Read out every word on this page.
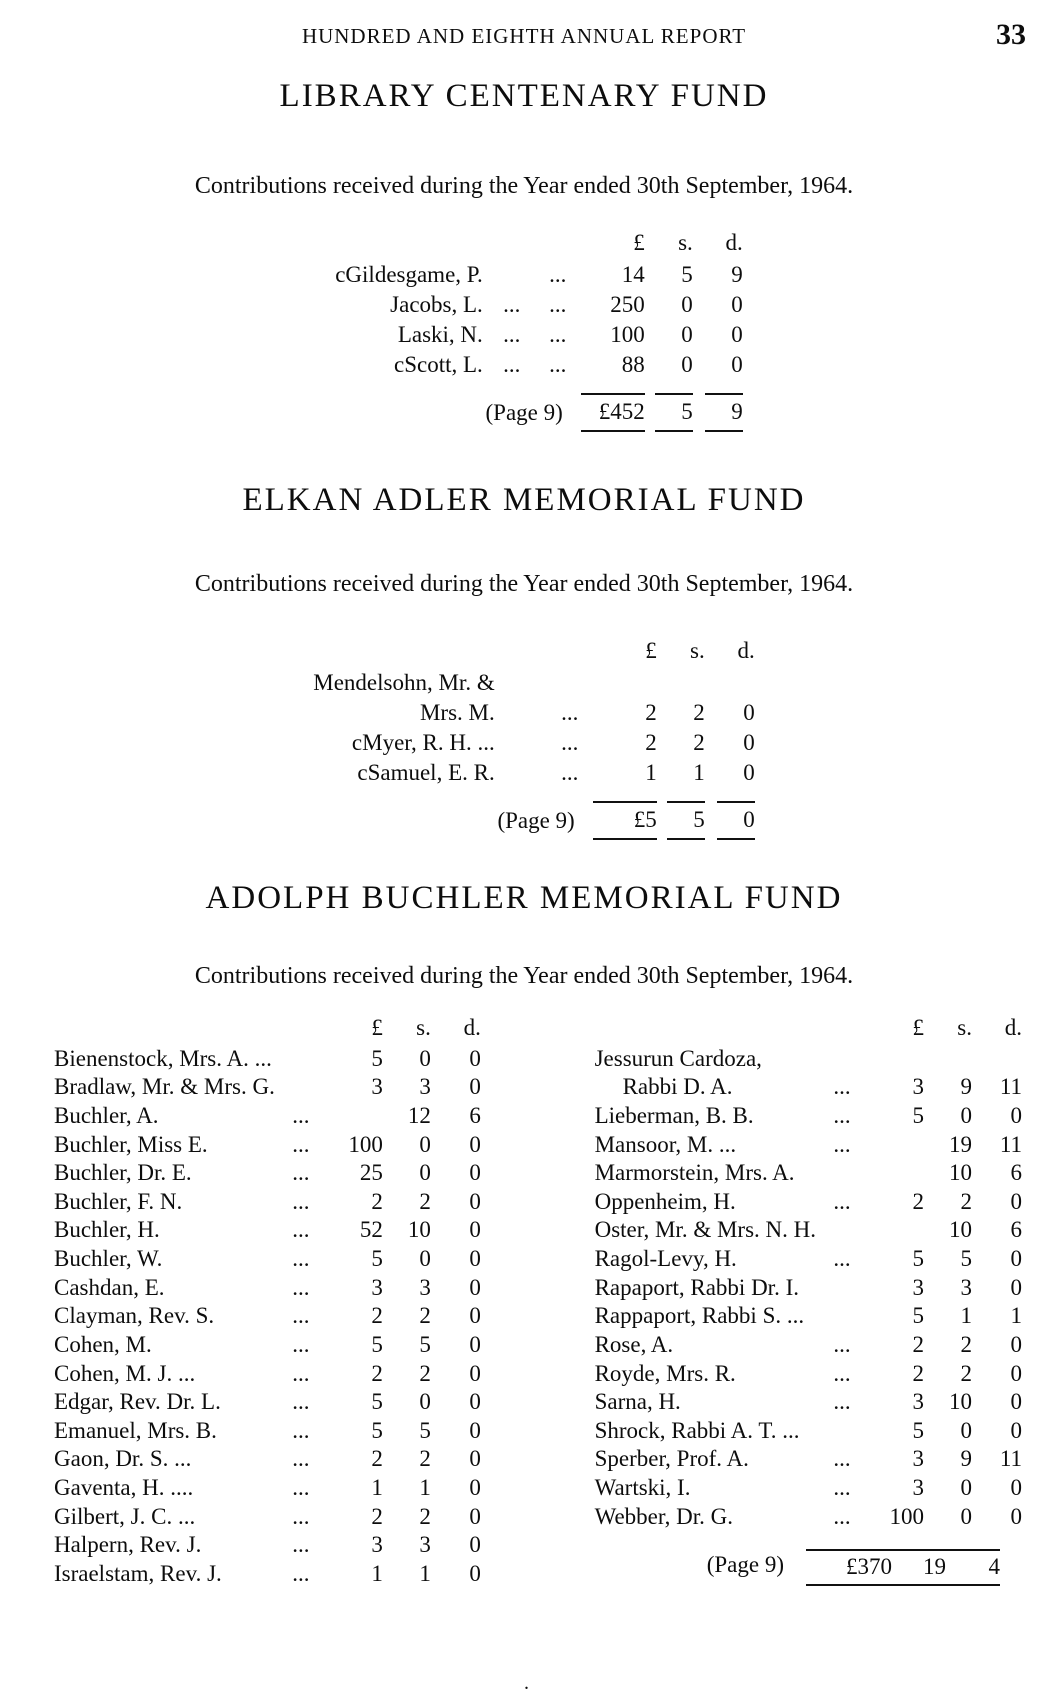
HUNDRED AND EIGHTH ANNUAL REPORT	33
LIBRARY CENTENARY FUND

Contributions received during the Year ended 30th September, 1964.

			£	s.	d.
cGildesgame, P.		...	14	5	9
Jacobs, L.	...	...	250	0	0
Laski, N.	...	...	100	0	0
cScott, L.	...	...	88	0	0
(Page 9)			£452	5	9
ELKAN ADLER MEMORIAL FUND

Contributions received during the Year ended 30th September, 1964.

			£	s.	d.
Mendelsohn, Mr. &					
Mrs. M.		...	2	2	0
cMyer, R. H. ...		...	2	2	0
cSamuel, E. R.		...	1	1	0
(Page 9)			£5	5	0
ADOLPH BUCHLER MEMORIAL FUND

Contributions received during the Year ended 30th September, 1964.

		£	s.	d.
Bienenstock, Mrs. A. ...		5	0	0
Bradlaw, Mr. & Mrs. G.		3	3	0
Buchler, A.	...		12	6
Buchler, Miss E.	...	100	0	0
Buchler, Dr. E.	...	25	0	0
Buchler, F. N.	...	2	2	0
Buchler, H.	...	52	10	0
Buchler, W.	...	5	0	0
Cashdan, E.	...	3	3	0
Clayman, Rev. S.	...	2	2	0
Cohen, M.	...	5	5	0
Cohen, M. J. ...	...	2	2	0
Edgar, Rev. Dr. L.	...	5	0	0
Emanuel, Mrs. B.	...	5	5	0
Gaon, Dr. S. ...	...	2	2	0
Gaventa, H. ....	...	1	1	0
Gilbert, J. C. ...	...	2	2	0
Halpern, Rev. J.	...	3	3	0
Israelstam, Rev. J.	...	1	1	0
		£	s.	d.
Jessurun Cardoza,				
Rabbi D. A.	...	3	9	11
Lieberman, B. B.	...	5	0	0
Mansoor, M. ...	...		19	11
Marmorstein, Mrs. A.			10	6
Oppenheim, H.	...	2	2	0
Oster, Mr. & Mrs. N. H.			10	6
Ragol-Levy, H.	...	5	5	0
Rapaport, Rabbi Dr. I.		3	3	0
Rappaport, Rabbi S. ...		5	1	1
Rose, A.	...	2	2	0
Royde, Mrs. R.	...	2	2	0
Sarna, H.	...	3	10	0
Shrock, Rabbi A. T. ...		5	0	0
Sperber, Prof. A.	...	3	9	11
Wartski, I.	...	3	0	0
Webber, Dr. G.	...	100	0	0
(Page 9)	£370	19	4
.
